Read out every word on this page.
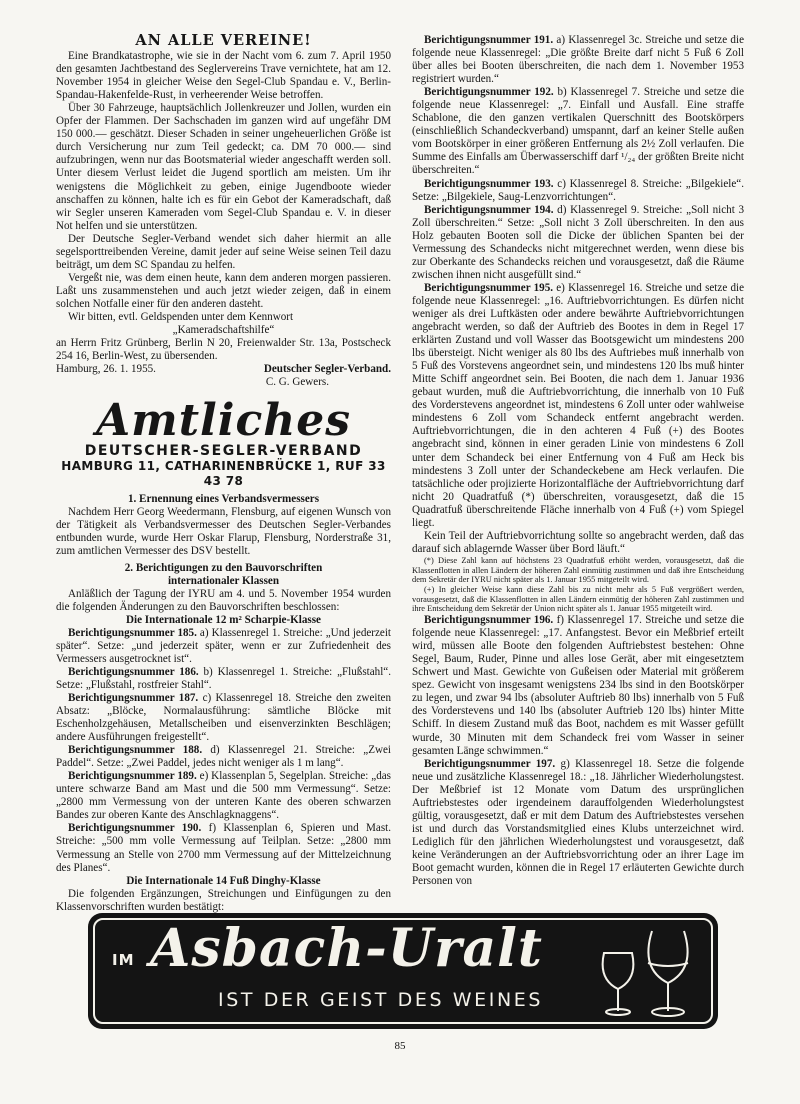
AN ALLE VEREINE!

Eine Brandkatastrophe, wie sie in der Nacht vom 6. zum 7. April 1950 den gesamten Jachtbestand des Seglervereins Trave vernichtete, hat am 12. November 1954 in gleicher Weise den Segel-Club Spandau e. V., Berlin-Spandau-Hakenfelde-Rust, in verheerender Weise betroffen.

Über 30 Fahrzeuge, hauptsächlich Jollenkreuzer und Jollen, wurden ein Opfer der Flammen. Der Sachschaden im ganzen wird auf ungefähr DM 150 000.— geschätzt. Dieser Schaden in seiner ungeheuerlichen Größe ist durch Versicherung nur zum Teil gedeckt; ca. DM 70 000.— sind aufzubringen, wenn nur das Bootsmaterial wieder angeschafft werden soll. Unter diesem Verlust leidet die Jugend sportlich am meisten. Um ihr wenigstens die Möglichkeit zu geben, einige Jugendboote wieder anschaffen zu können, halte ich es für ein Gebot der Kameradschaft, daß wir Segler unseren Kameraden vom Segel-Club Spandau e. V. in dieser Not helfen und sie unterstützen.

Der Deutsche Segler-Verband wendet sich daher hiermit an alle segelsporttreibenden Vereine, damit jeder auf seine Weise seinen Teil dazu beiträgt, um dem SC Spandau zu helfen.

Vergeßt nie, was dem einen heute, kann dem anderen morgen passieren. Laßt uns zusammenstehen und auch jetzt wieder zeigen, daß in einem solchen Notfalle einer für den anderen dasteht.

Wir bitten, evtl. Geldspenden unter dem Kennwort

„Kameradschaftshilfe“

an Herrn Fritz Grünberg, Berlin N 20, Freienwalder Str. 13a, Postscheck 254 16, Berlin-West, zu übersenden.

Hamburg, 26. 1. 1955.	Deutscher Segler-Verband.
C. G. Gewers.
Amtliches
DEUTSCHER-SEGLER-VERBAND
HAMBURG 11, CATHARINENBRÜCKE 1, RUF 33 43 78

1. Ernennung eines Verbandsvermessers

Nachdem Herr Georg Weedermann, Flensburg, auf eigenen Wunsch von der Tätigkeit als Verbandsvermesser des Deutschen Segler-Verbandes entbunden wurde, wurde Herr Oskar Flarup, Flensburg, Norderstraße 31, zum amtlichen Vermesser des DSV bestellt.

2. Berichtigungen zu den Bauvorschriften

internationaler Klassen

Anläßlich der Tagung der IYRU am 4. und 5. November 1954 wurden die folgenden Änderungen zu den Bauvorschriften beschlossen:

Die Internationale 12 m² Scharpie-Klasse

Berichtigungsnummer 185. a) Klassenregel 1. Streiche: „Und jederzeit später“. Setze: „und jederzeit später, wenn er zur Zufriedenheit des Vermessers ausgetrocknet ist“.

Berichtigungsnummer 186. b) Klassenregel 1. Streiche: „Flußstahl“. Setze: „Flußstahl, rostfreier Stahl“.

Berichtigungsnummer 187. c) Klassenregel 18. Streiche den zweiten Absatz: „Blöcke, Normalausführung: sämtliche Blöcke mit Eschenholzgehäusen, Metallscheiben und eisenverzinkten Beschlägen; andere Ausführungen freigestellt“.

Berichtigungsnummer 188. d) Klassenregel 21. Streiche: „Zwei Paddel“. Setze: „Zwei Paddel, jedes nicht weniger als 1 m lang“.

Berichtigungsnummer 189. e) Klassenplan 5, Segelplan. Streiche: „das untere schwarze Band am Mast und die 500 mm Vermessung“. Setze: „2800 mm Vermessung von der unteren Kante des oberen schwarzen Bandes zur oberen Kante des Anschlagknaggens“.

Berichtigungsnummer 190. f) Klassenplan 6, Spieren und Mast. Streiche: „500 mm volle Vermessung auf Teilplan. Setze: „2800 mm Vermessung an Stelle von 2700 mm Vermessung auf der Mittelzeichnung des Planes“.

Die Internationale 14 Fuß Dinghy-Klasse

Die folgenden Ergänzungen, Streichungen und Einfügungen zu den Klassenvorschriften wurden bestätigt:

Berichtigungsnummer 191. a) Klassenregel 3c. Streiche und setze die folgende neue Klassenregel: „Die größte Breite darf nicht 5 Fuß 6 Zoll über alles bei Booten überschreiten, die nach dem 1. November 1953 registriert wurden.“

Berichtigungsnummer 192. b) Klassenregel 7. Streiche und setze die folgende neue Klassenregel: „7. Einfall und Ausfall. Eine straffe Schablone, die den ganzen vertikalen Querschnitt des Bootskörpers (einschließlich Schandeckverband) umspannt, darf an keiner Stelle außen vom Bootskörper in einer größeren Entfernung als 2½ Zoll verlaufen. Die Summe des Einfalls am Überwasserschiff darf ¹/₂₄ der größten Breite nicht überschreiten.“

Berichtigungsnummer 193. c) Klassenregel 8. Streiche: „Bilgekiele“. Setze: „Bilgekiele, Saug-Lenzvorrichtungen“.

Berichtigungsnummer 194. d) Klassenregel 9. Streiche: „Soll nicht 3 Zoll überschreiten.“ Setze: „Soll nicht 3 Zoll überschreiten. In den aus Holz gebauten Booten soll die Dicke der üblichen Spanten bei der Vermessung des Schandecks nicht mitgerechnet werden, wenn diese bis zur Oberkante des Schandecks reichen und vorausgesetzt, daß die Räume zwischen ihnen nicht ausgefüllt sind.“

Berichtigungsnummer 195. e) Klassenregel 16. Streiche und setze die folgende neue Klassenregel: „16. Auftriebvorrichtungen. Es dürfen nicht weniger als drei Luftkästen oder andere bewährte Auftriebvorrichtungen angebracht werden, so daß der Auftrieb des Bootes in dem in Regel 17 erklärten Zustand und voll Wasser das Bootsgewicht um mindestens 200 lbs übersteigt. Nicht weniger als 80 lbs des Auftriebes muß innerhalb von 5 Fuß des Vorstevens angeordnet sein, und mindestens 120 lbs muß hinter Mitte Schiff angeordnet sein. Bei Booten, die nach dem 1. Januar 1936 gebaut wurden, muß die Auftriebvorrichtung, die innerhalb von 10 Fuß des Vorderstevens angeordnet ist, mindestens 6 Zoll unter oder wahlweise mindestens 6 Zoll vom Schandeck entfernt angebracht werden. Auftriebvorrichtungen, die in den achteren 4 Fuß (+) des Bootes angebracht sind, können in einer geraden Linie von mindestens 6 Zoll unter dem Schandeck bei einer Entfernung von 4 Fuß am Heck bis mindestens 3 Zoll unter der Schandeckebene am Heck verlaufen. Die tatsächliche oder projizierte Horizontalfläche der Auftriebvorrichtung darf nicht 20 Quadratfuß (*) überschreiten, vorausgesetzt, daß die 15 Quadratfuß überschreitende Fläche innerhalb von 4 Fuß (+) vom Spiegel liegt.

Kein Teil der Auftriebvorrichtung sollte so angebracht werden, daß das darauf sich ablagernde Wasser über Bord läuft.“

(*) Diese Zahl kann auf höchstens 23 Quadratfuß erhöht werden, vorausgesetzt, daß die Klassenflotten in allen Ländern der höheren Zahl einmütig zustimmen und daß ihre Entscheidung dem Sekretär der IYRU nicht später als 1. Januar 1955 mitgeteilt wird.

(+) In gleicher Weise kann diese Zahl bis zu nicht mehr als 5 Fuß vergrößert werden, vorausgesetzt, daß die Klassenflotten in allen Ländern einmütig der höheren Zahl zustimmen und ihre Entscheidung dem Sekretär der Union nicht später als 1. Januar 1955 mitgeteilt wird.

Berichtigungsnummer 196. f) Klassenregel 17. Streiche und setze die folgende neue Klassenregel: „17. Anfangstest. Bevor ein Meßbrief erteilt wird, müssen alle Boote den folgenden Auftriebstest bestehen: Ohne Segel, Baum, Ruder, Pinne und alles lose Gerät, aber mit eingesetztem Schwert und Mast. Gewichte von Gußeisen oder Material mit größerem spez. Gewicht von insgesamt wenigstens 234 lbs sind in den Bootskörper zu legen, und zwar 94 lbs (absoluter Auftrieb 80 lbs) innerhalb von 5 Fuß des Vorderstevens und 140 lbs (absoluter Auftrieb 120 lbs) hinter Mitte Schiff. In diesem Zustand muß das Boot, nachdem es mit Wasser gefüllt wurde, 30 Minuten mit dem Schandeck frei vom Wasser in seiner gesamten Länge schwimmen.“

Berichtigungsnummer 197. g) Klassenregel 18. Setze die folgende neue und zusätzliche Klassenregel 18.: „18. Jährlicher Wiederholungstest. Der Meßbrief ist 12 Monate vom Datum des ursprünglichen Auftriebstestes oder irgendeinem darauffolgenden Wiederholungstest gültig, vorausgesetzt, daß er mit dem Datum des Auftriebstestes versehen ist und durch das Vorstandsmitglied eines Klubs unterzeichnet wird. Lediglich für den jährlichen Wiederholungstest und vorausgesetzt, daß keine Veränderungen an der Auftriebsvorrichtung oder an ihrer Lage im Boot gemacht wurden, können die in Regel 17 erläuterten Gewichte durch Personen von

IM Asbach-Uralt
IST DER GEIST DES WEINES
85
